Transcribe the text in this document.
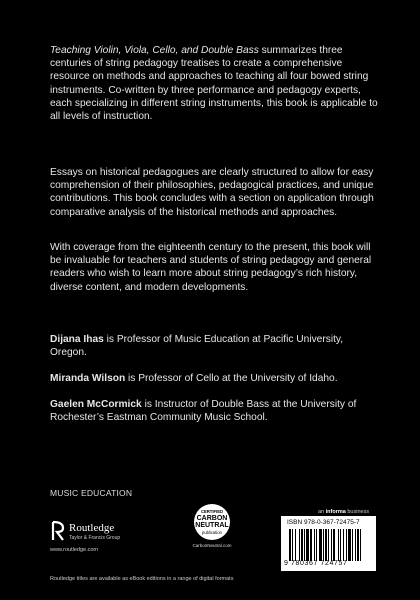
Teaching Violin, Viola, Cello, and Double Bass summarizes three centuries of string pedagogy treatises to create a comprehensive resource on methods and approaches to teaching all four bowed string instruments. Co-written by three performance and pedagogy experts, each specializing in different string instruments, this book is applicable to all levels of instruction.

Essays on historical pedagogues are clearly structured to allow for easy comprehension of their philosophies, pedagogical practices, and unique contributions. This book concludes with a section on application through comparative analysis of the historical methods and approaches.

With coverage from the eighteenth century to the present, this book will be invaluable for teachers and students of string pedagogy and general readers who wish to learn more about string pedagogy’s rich history, diverse content, and modern developments.

Dijana Ihas is Professor of Music Education at Pacific University, Oregon.

Miranda Wilson is Professor of Cello at the University of Idaho.

Gaelen McCormick is Instructor of Double Bass at the University of Rochester’s Eastman Community Music School.

MUSIC EDUCATION
Routledge
Taylor & Francis Group
www.routledge.com
CERTIFIED
CARBON
NEUTRAL
publication
CarbonNeutral.com
an informa business
ISBN 978-0-367-72475-7
9 780367 724757
Routledge titles are available as eBook editions in a range of digital formats
